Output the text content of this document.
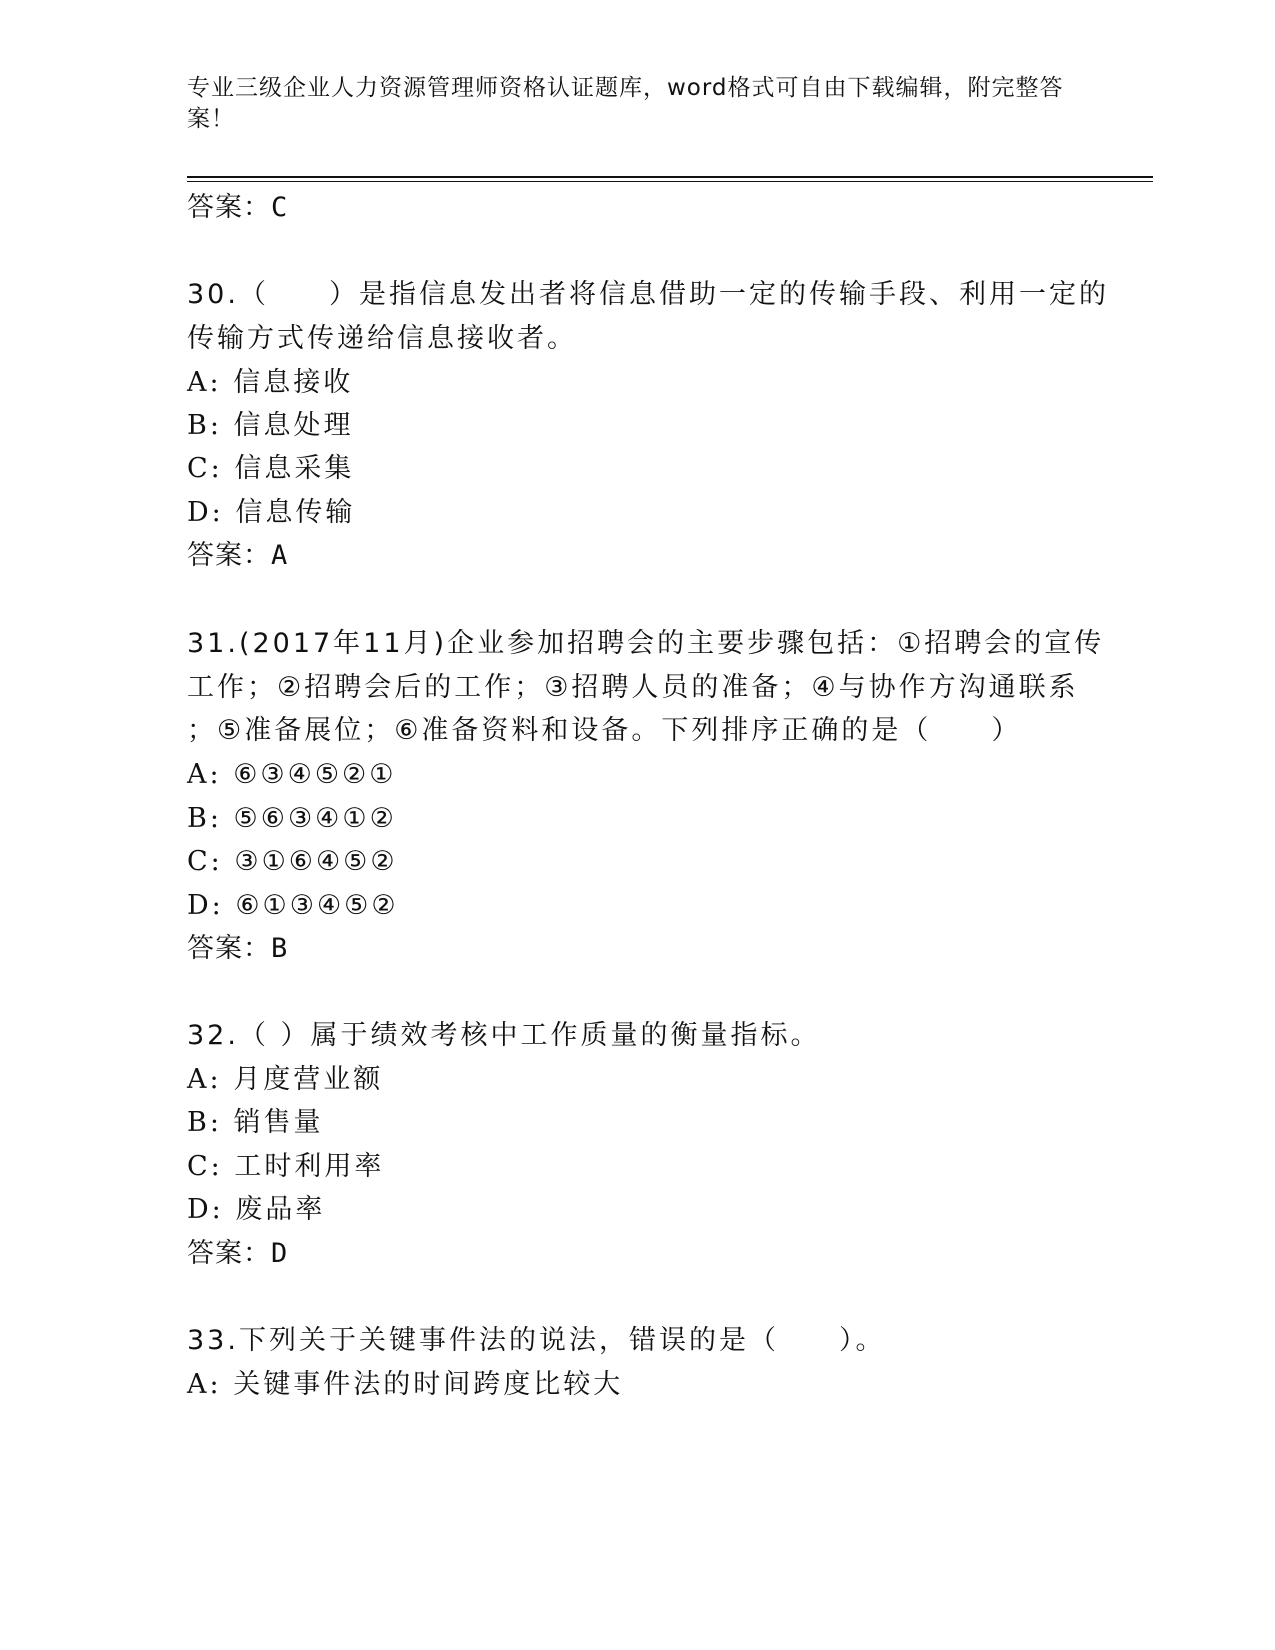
专业三级企业人力资源管理师资格认证题库，word格式可自由下载编辑，附完整答案！
答案：C
30.（　　）是指信息发出者将信息借助一定的传输手段、利用一定的
传输方式传递给信息接收者。
A: 信息接收
B: 信息处理
C: 信息采集
D: 信息传输
答案：A
31.(2017年11月)企业参加招聘会的主要步骤包括：①招聘会的宣传
工作；②招聘会后的工作；③招聘人员的准备；④与协作方沟通联系
；⑤准备展位；⑥准备资料和设备。下列排序正确的是（　　）
A: ⑥③④⑤②①
B: ⑤⑥③④①②
C: ③①⑥④⑤②
D: ⑥①③④⑤②
答案：B
32.（ ）属于绩效考核中工作质量的衡量指标。
A: 月度营业额
B: 销售量
C: 工时利用率
D: 废品率
答案：D
33.下列关于关键事件法的说法，错误的是（　　）。
A: 关键事件法的时间跨度比较大
